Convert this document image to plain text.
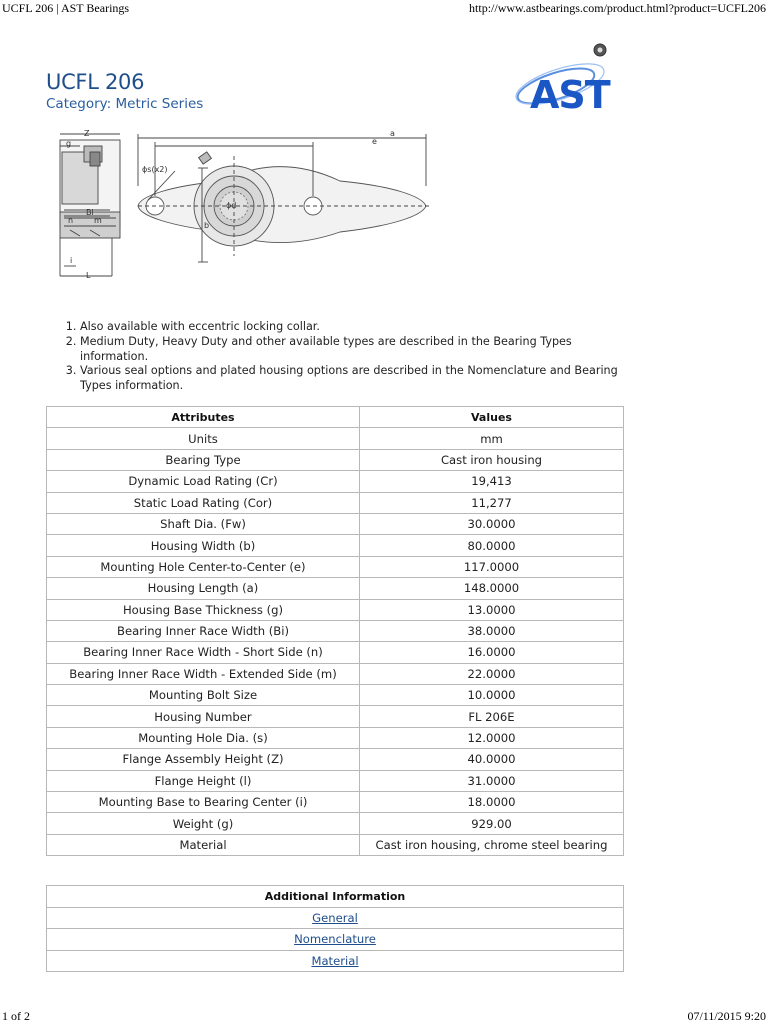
UCFL 206 | AST Bearings	http://www.astbearings.com/product.html?product=UCFL206
UCFL 206
Category: Metric Series	AST
Z
g
a
e
ϕs(x2)
ϕd
b
Bi
n	m
i
L
1. Also available with eccentric locking collar.
2. Medium Duty, Heavy Duty and other available types are described in the Bearing Types information.
3. Various seal options and plated housing options are described in the Nomenclature and Bearing Types information.
Attributes	Values
Units	mm
Bearing Type	Cast iron housing
Dynamic Load Rating (Cr)	19,413
Static Load Rating (Cor)	11,277
Shaft Dia. (Fw)	30.0000
Housing Width (b)	80.0000
Mounting Hole Center-to-Center (e)	117.0000
Housing Length (a)	148.0000
Housing Base Thickness (g)	13.0000
Bearing Inner Race Width (Bi)	38.0000
Bearing Inner Race Width - Short Side (n)	16.0000
Bearing Inner Race Width - Extended Side (m)	22.0000
Mounting Bolt Size	10.0000
Housing Number	FL 206E
Mounting Hole Dia. (s)	12.0000
Flange Assembly Height (Z)	40.0000
Flange Height (l)	31.0000
Mounting Base to Bearing Center (i)	18.0000
Weight (g)	929.00
Material	Cast iron housing, chrome steel bearing
Additional Information
General
Nomenclature
Material
1 of 2	07/11/2015 9:20
